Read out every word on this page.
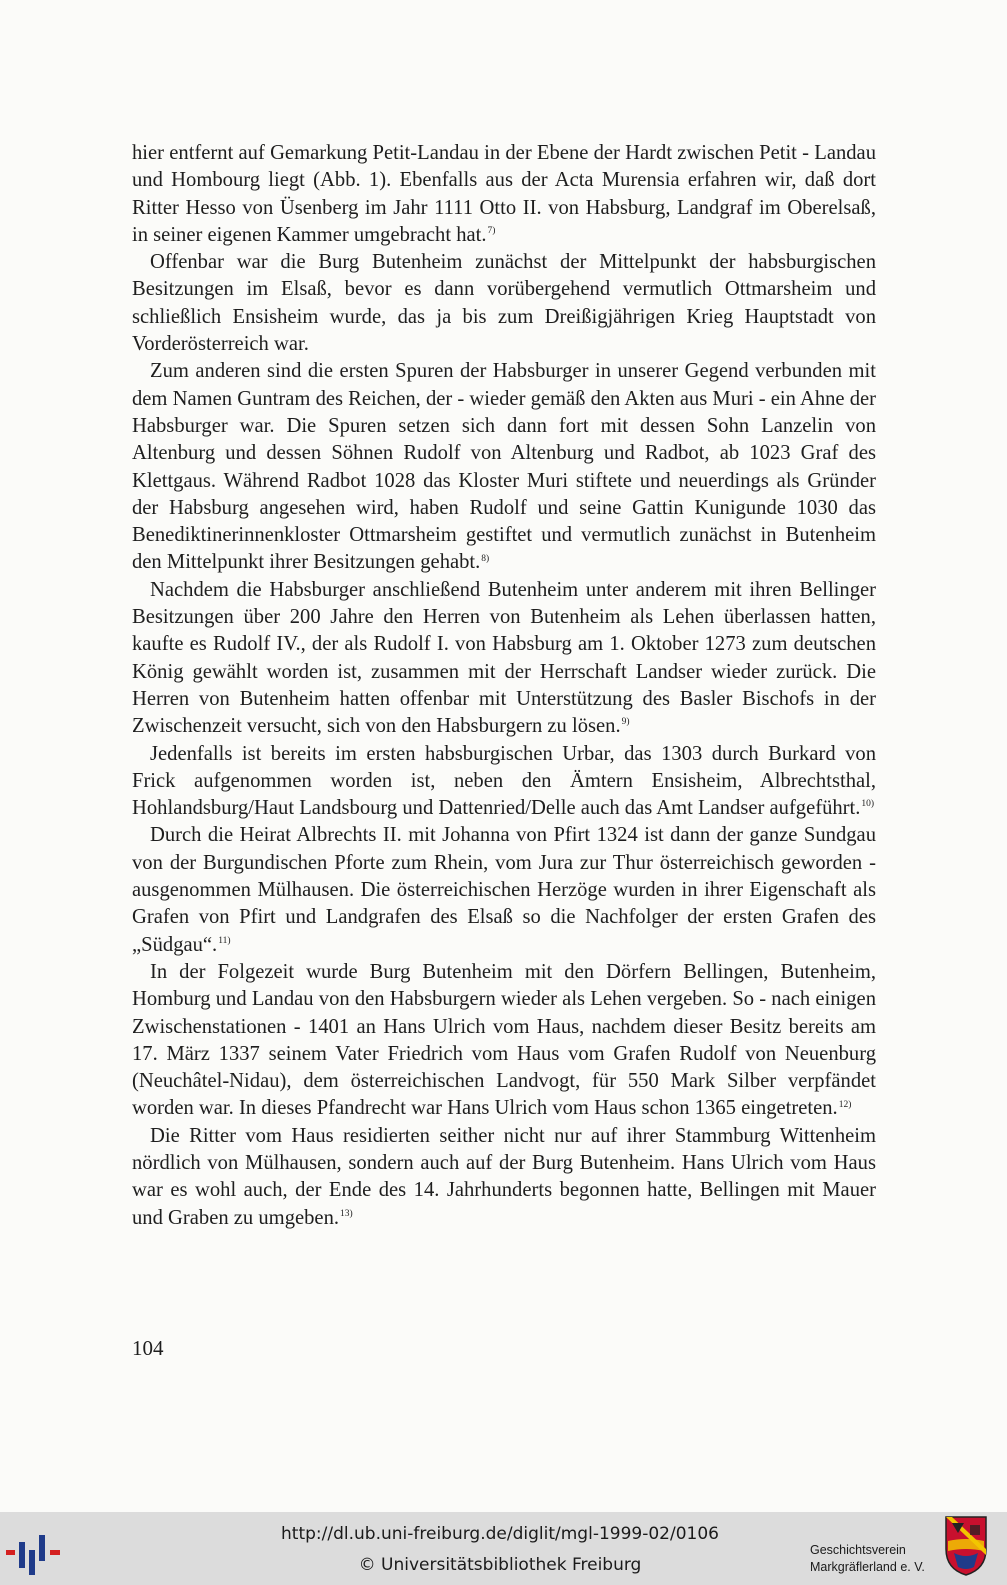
hier entfernt auf Gemarkung Petit-Landau in der Ebene der Hardt zwischen Petit - Landau und Hombourg liegt (Abb. 1). Ebenfalls aus der Acta Murensia erfahren wir, daß dort Ritter Hesso von Üsenberg im Jahr 1111 Otto II. von Habsburg, Landgraf im Oberelsaß, in seiner eigenen Kammer umgebracht hat.$^{7)}$

Offenbar war die Burg Butenheim zunächst der Mittelpunkt der habsburgischen Besitzungen im Elsaß, bevor es dann vorübergehend vermutlich Ottmarsheim und schließlich Ensisheim wurde, das ja bis zum Dreißigjährigen Krieg Hauptstadt von Vorderösterreich war.

Zum anderen sind die ersten Spuren der Habsburger in unserer Gegend verbunden mit dem Namen Guntram des Reichen, der - wieder gemäß den Akten aus Muri - ein Ahne der Habsburger war. Die Spuren setzen sich dann fort mit dessen Sohn Lanzelin von Altenburg und dessen Söhnen Rudolf von Altenburg und Radbot, ab 1023 Graf des Klettgaus. Während Radbot 1028 das Kloster Muri stiftete und neuerdings als Gründer der Habsburg angesehen wird, haben Rudolf und seine Gattin Kunigunde 1030 das Benediktinerinnenkloster Ottmarsheim gestiftet und vermutlich zunächst in Butenheim den Mittelpunkt ihrer Besitzungen gehabt.$^{8)}$

Nachdem die Habsburger anschließend Butenheim unter anderem mit ihren Bellinger Besitzungen über 200 Jahre den Herren von Butenheim als Lehen überlassen hatten, kaufte es Rudolf IV., der als Rudolf I. von Habsburg am 1. Oktober 1273 zum deutschen König gewählt worden ist, zusammen mit der Herrschaft Landser wieder zurück. Die Herren von Butenheim hatten offenbar mit Unterstützung des Basler Bischofs in der Zwischenzeit versucht, sich von den Habsburgern zu lösen.$^{9)}$

Jedenfalls ist bereits im ersten habsburgischen Urbar, das 1303 durch Burkard von Frick aufgenommen worden ist, neben den Ämtern Ensisheim, Albrechtsthal, Hohlandsburg/Haut Landsbourg und Dattenried/Delle auch das Amt Landser aufgeführt.$^{10)}$

Durch die Heirat Albrechts II. mit Johanna von Pfirt 1324 ist dann der ganze Sundgau von der Burgundischen Pforte zum Rhein, vom Jura zur Thur österreichisch geworden - ausgenommen Mülhausen. Die österreichischen Herzöge wurden in ihrer Eigenschaft als Grafen von Pfirt und Landgrafen des Elsaß so die Nachfolger der ersten Grafen des „Südgau“.$^{11)}$

In der Folgezeit wurde Burg Butenheim mit den Dörfern Bellingen, Butenheim, Homburg und Landau von den Habsburgern wieder als Lehen vergeben. So - nach einigen Zwischenstationen - 1401 an Hans Ulrich vom Haus, nachdem dieser Besitz bereits am 17. März 1337 seinem Vater Friedrich vom Haus vom Grafen Rudolf von Neuenburg (Neuchâtel-Nidau), dem österreichischen Landvogt, für 550 Mark Silber verpfändet worden war. In dieses Pfandrecht war Hans Ulrich vom Haus schon 1365 eingetreten.$^{12)}$

Die Ritter vom Haus residierten seither nicht nur auf ihrer Stammburg Wittenheim nördlich von Mülhausen, sondern auch auf der Burg Butenheim. Hans Ulrich vom Haus war es wohl auch, der Ende des 14. Jahrhunderts begonnen hatte, Bellingen mit Mauer und Graben zu umgeben.$^{13)}$

104
http://dl.ub.uni-freiburg.de/diglit/mgl-1999-02/0106
© Universitätsbibliothek Freiburg
Geschichtsverein
Markgräflerland e. V.
